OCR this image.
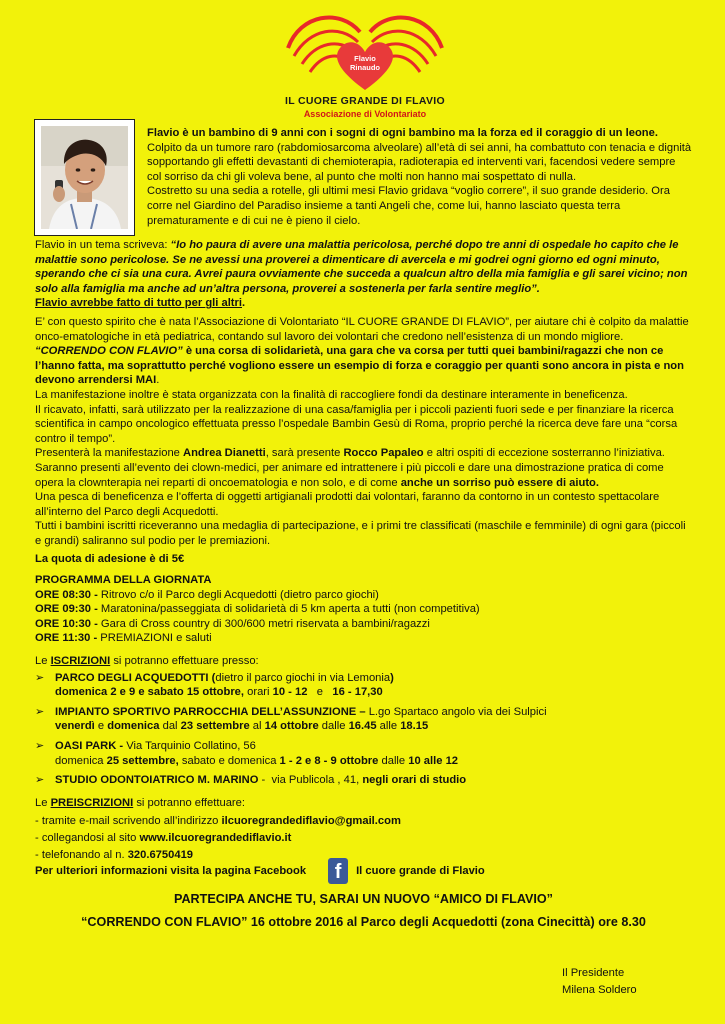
Flavio
Rinaudo
IL CUORE GRANDE DI FLAVIO
Associazione di Volontariato

Flavio è un bambino di 9 anni con i sogni di ogni bambino ma la forza ed il coraggio di un leone.
Colpito da un tumore raro (rabdomiosarcoma alveolare) all’età di sei anni, ha combattuto con tenacia e dignità sopportando gli effetti devastanti di chemioterapia, radioterapia ed interventi vari, facendosi vedere sempre col sorriso da chi gli voleva bene, al punto che molti non hanno mai sospettato di nulla.

Costretto su una sedia a rotelle, gli ultimi mesi Flavio gridava “voglio correre”, il suo grande desiderio. Ora corre nel Giardino del Paradiso insieme a tanti Angeli che, come lui, hanno lasciato questa terra prematuramente e di cui ne è pieno il cielo.

Flavio in un tema scriveva: “Io ho paura di avere una malattia pericolosa, perché dopo tre anni di ospedale ho capito che le malattie sono pericolose. Se ne avessi una proverei a dimenticare di avercela e mi godrei ogni giorno ed ogni minuto, sperando che ci sia una cura. Avrei paura ovviamente che succeda a qualcun altro della mia famiglia e gli sarei vicino; non solo alla famiglia ma anche ad un’altra persona, proverei a sostenerla per farla sentire meglio”.
Flavio avrebbe fatto di tutto per gli altri.

E’ con questo spirito che è nata l’Associazione di Volontariato “IL CUORE GRANDE DI FLAVIO”, per aiutare chi è colpito da malattie onco-ematologiche in età pediatrica, contando sul lavoro dei volontari che credono nell’esistenza di un mondo migliore.

“CORRENDO CON FLAVIO” è una corsa di solidarietà, una gara che va corsa per tutti quei bambini/ragazzi che non ce l’hanno fatta, ma soprattutto perché vogliono essere un esempio di forza e coraggio per quanti sono ancora in pista e non devono arrendersi MAI.

La manifestazione inoltre è stata organizzata con la finalità di raccogliere fondi da destinare interamente in beneficenza.

Il ricavato, infatti, sarà utilizzato per la realizzazione di una casa/famiglia per i piccoli pazienti fuori sede e per finanziare la ricerca scientifica in campo oncologico effettuata presso l’ospedale Bambin Gesù di Roma, proprio perché la ricerca deve fare una “corsa contro il tempo”.

Presenterà la manifestazione Andrea Dianetti, sarà presente Rocco Papaleo e altri ospiti di eccezione sosterranno l’iniziativa.

Saranno presenti all’evento dei clown-medici, per animare ed intrattenere i più piccoli e dare una dimostrazione pratica di come opera la clownterapia nei reparti di oncoematologia e non solo, e di come anche un sorriso può essere di aiuto.

Una pesca di beneficenza e l’offerta di oggetti artigianali prodotti dai volontari, faranno da contorno in un contesto spettacolare all’interno del Parco degli Acquedotti.

Tutti i bambini iscritti riceveranno una medaglia di partecipazione, e i primi tre classificati (maschile e femminile) di ogni gara (piccoli e grandi) saliranno sul podio per le premiazioni.

La quota di adesione è di 5€

PROGRAMMA DELLA GIORNATA

ORE 08:30 - Ritrovo c/o il Parco degli Acquedotti (dietro parco giochi)

ORE 09:30 - Maratonina/passeggiata di solidarietà di 5 km aperta a tutti (non competitiva)

ORE 10:30 - Gara di Cross country di 300/600 metri riservata a bambini/ragazzi

ORE 11:30 - PREMIAZIONI e saluti

Le ISCRIZIONI si potranno effettuare presso:

➢ PARCO DEGLI ACQUEDOTTI (dietro il parco giochi in via Lemonia)
domenica 2 e 9 e sabato 15 ottobre, orari 10 - 12   e   16 - 17,30
➢ IMPIANTO SPORTIVO PARROCCHIA DELL’ASSUNZIONE – L.go Spartaco angolo via dei Sulpici
venerdì e domenica dal 23 settembre al 14 ottobre dalle 16.45 alle 18.15
➢ OASI PARK - Via Tarquinio Collatino, 56
domenica 25 settembre, sabato e domenica 1 - 2 e 8 - 9 ottobre dalle 10 alle 12
➢ STUDIO ODONTOIATRICO M. MARINO -  via Publicola , 41, negli orari di studio

Le PREISCRIZIONI si potranno effettuare:

- tramite e-mail scrivendo all’indirizzo ilcuoregrandediflavio@gmail.com

- collegandosi al sito www.ilcuoregrandediflavio.it

- telefonando al n. 320.6750419

Per ulteriori informazioni visita la pagina Facebook f Il cuore grande di Flavio

PARTECIPA ANCHE TU, SARAI UN NUOVO “AMICO DI FLAVIO”

“CORRENDO CON FLAVIO” 16 ottobre 2016 al Parco degli Acquedotti (zona Cinecittà) ore 8.30

Il Presidente
Milena Soldero
